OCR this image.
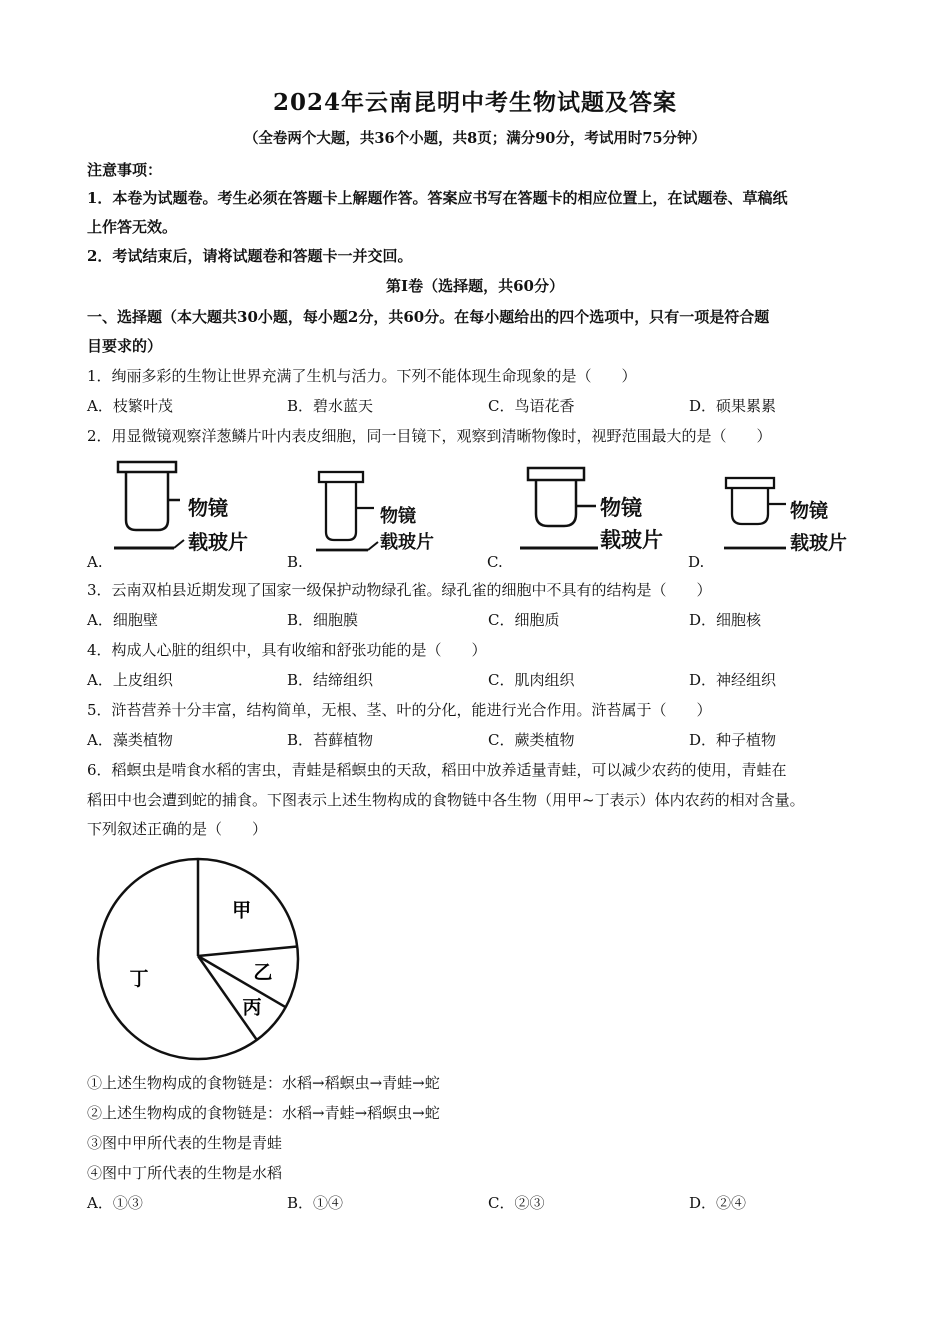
2024年云南昆明中考生物试题及答案
（全卷两个大题，共36个小题，共8页；满分90分，考试用时75分钟）
注意事项：
1．本卷为试题卷。考生必须在答题卡上解题作答。答案应书写在答题卡的相应位置上，在试题卷、草稿纸
上作答无效。
2．考试结束后，请将试题卷和答题卡一并交回。
第Ⅰ卷（选择题，共60分）
一、选择题（本大题共30小题，每小题2分，共60分。在每小题给出的四个选项中，只有一项是符合题
目要求的）
1．绚丽多彩的生物让世界充满了生机与活力。下列不能体现生命现象的是（　　）
A．枝繁叶茂	B．碧水蓝天	C．鸟语花香	D．硕果累累
2．用显微镜观察洋葱鳞片叶内表皮细胞，同一目镜下，观察到清晰物像时，视野范围最大的是（　　）
物镜
载玻片
A.
物镜
载玻片
B.
物镜
载玻片
C.
物镜
载玻片
D.
3．云南双柏县近期发现了国家一级保护动物绿孔雀。绿孔雀的细胞中不具有的结构是（　　）
A．细胞壁	B．细胞膜	C．细胞质	D．细胞核
4．构成人心脏的组织中，具有收缩和舒张功能的是（　　）
A．上皮组织	B．结缔组织	C．肌肉组织	D．神经组织
5．浒苔营养十分丰富，结构简单，无根、茎、叶的分化，能进行光合作用。浒苔属于（　　）
A．藻类植物	B．苔藓植物	C．蕨类植物	D．种子植物
6．稻螟虫是啃食水稻的害虫，青蛙是稻螟虫的天敌，稻田中放养适量青蛙，可以减少农药的使用，青蛙在
稻田中也会遭到蛇的捕食。下图表示上述生物构成的食物链中各生物（用甲~丁表示）体内农药的相对含量。
下列叙述正确的是（　　）
甲
乙
丙
丁
①上述生物构成的食物链是：水稻→稻螟虫→青蛙→蛇
②上述生物构成的食物链是：水稻→青蛙→稻螟虫→蛇
③图中甲所代表的生物是青蛙
④图中丁所代表的生物是水稻
A．①③	B．①④	C．②③	D．②④
